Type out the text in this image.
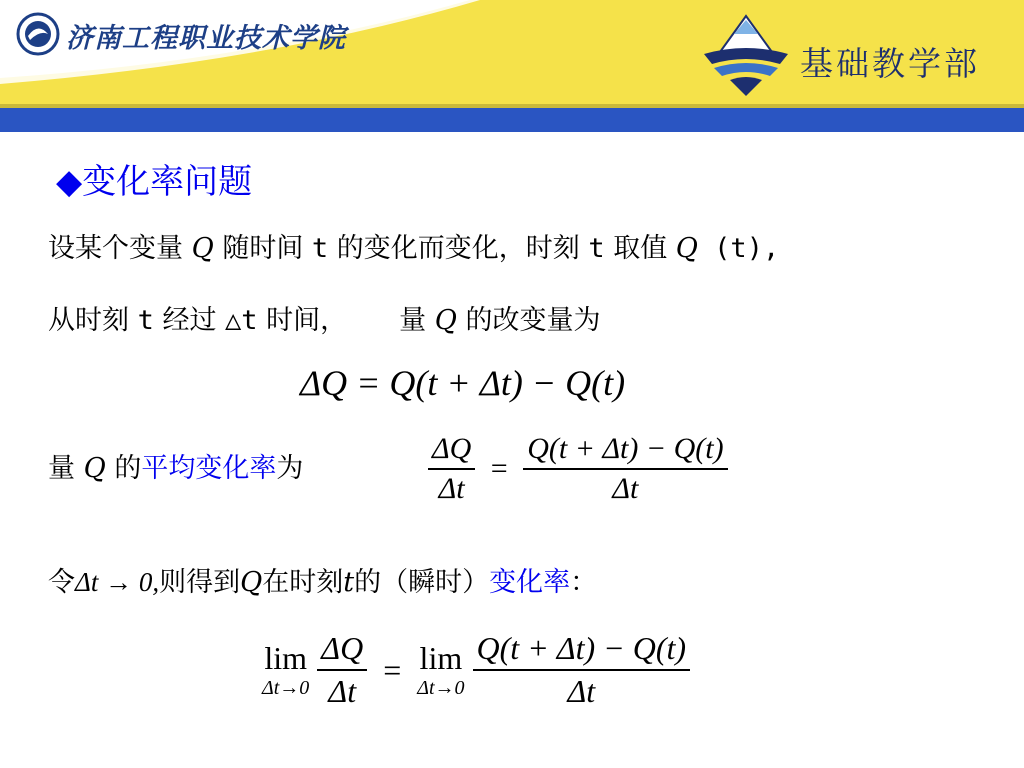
济南工程职业技术学院
基础教学部
◆变化率问题
设某个变量 Q 随时间 t 的变化而变化，时刻 t 取值 Q (t),
从时刻 t 经过 △t 时间， 量 Q 的改变量为
ΔQ = Q(t + Δt) − Q(t)
量 Q 的平均变化率为	$\frac{\Delta Q}{\Delta t} = \frac{Q(t + \Delta t) - Q(t)}{\Delta t}$
令Δt → 0,则得到Q在时刻t的（瞬时）变化率：
lim
Δt→0
$\frac{\Delta Q}{\Delta t} = \lim$
Δt→0
$\frac{Q(t + \Delta t) - Q(t)}{\Delta t}$
